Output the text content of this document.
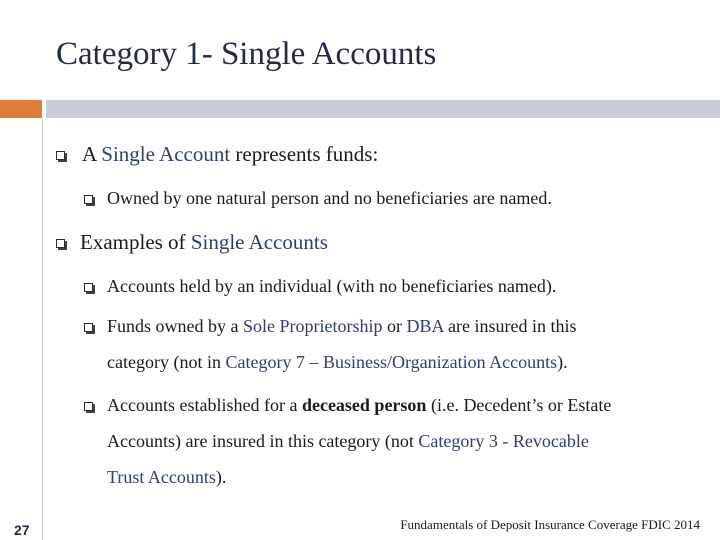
Category 1- Single Accounts
A Single Account represents funds:
Owned by one natural person and no beneficiaries are named.
Examples of Single Accounts
Accounts held by an individual (with no beneficiaries named).
Funds owned by a Sole Proprietorship or DBA are insured in this
category (not in Category 7 – Business/Organization Accounts).
Accounts established for a deceased person (i.e. Decedent’s or Estate
Accounts) are insured in this category (not Category 3 - Revocable
Trust Accounts).
27	Fundamentals of Deposit Insurance Coverage FDIC 2014
